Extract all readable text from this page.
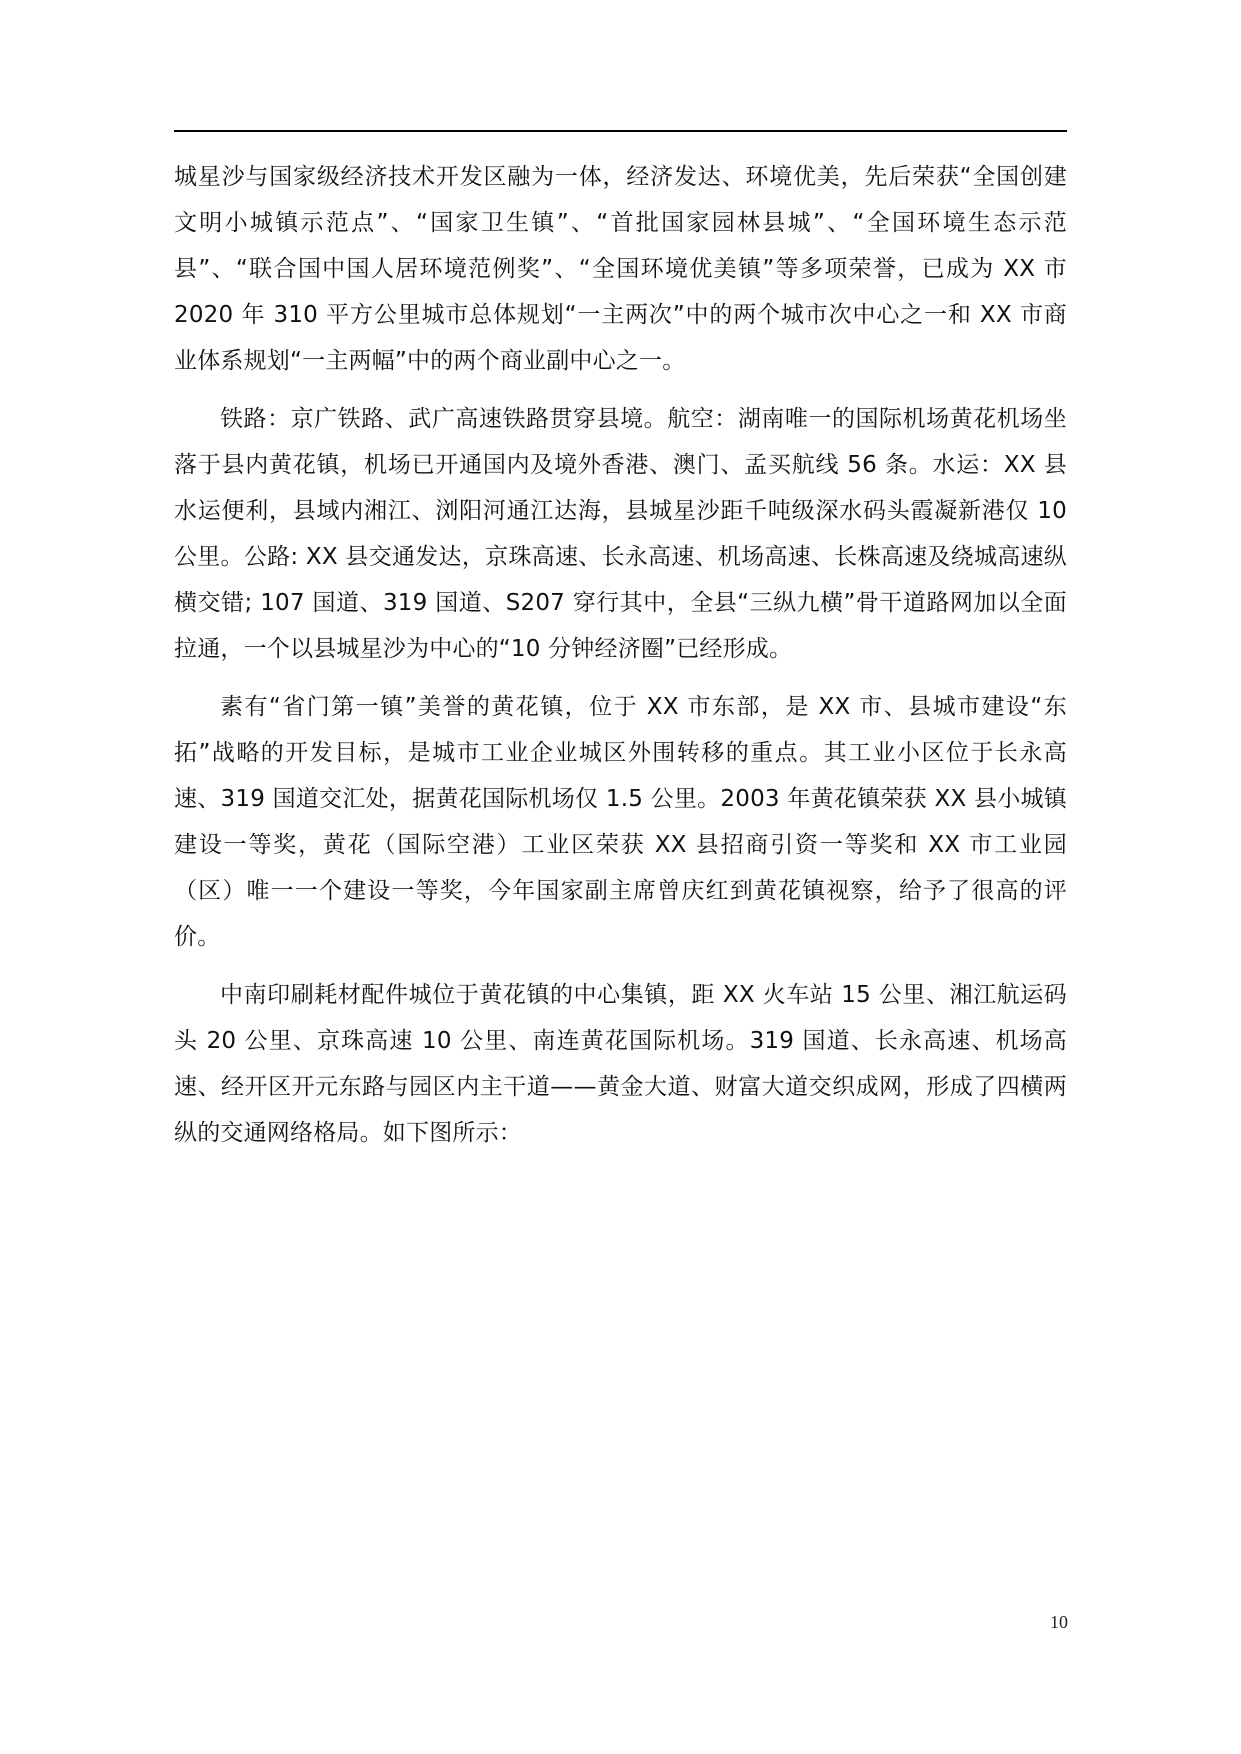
城星沙与国家级经济技术开发区融为一体，经济发达、环境优美，先后荣获“全国创建文明小城镇示范点”、“国家卫生镇”、“首批国家园林县城”、“全国环境生态示范县”、“联合国中国人居环境范例奖”、“全国环境优美镇”等多项荣誉，已成为 XX 市 2020 年 310 平方公里城市总体规划“一主两次”中的两个城市次中心之一和 XX 市商业体系规划“一主两幅”中的两个商业副中心之一。

铁路：京广铁路、武广高速铁路贯穿县境。航空：湖南唯一的国际机场黄花机场坐落于县内黄花镇，机场已开通国内及境外香港、澳门、孟买航线 56 条。水运：XX 县水运便利，县域内湘江、浏阳河通江达海，县城星沙距千吨级深水码头霞凝新港仅 10 公里。公路: XX 县交通发达，京珠高速、长永高速、机场高速、长株高速及绕城高速纵横交错; 107 国道、319 国道、S207 穿行其中，全县“三纵九横”骨干道路网加以全面拉通，一个以县城星沙为中心的“10 分钟经济圈”已经形成。

素有“省门第一镇”美誉的黄花镇，位于 XX 市东部，是 XX 市、县城市建设“东拓”战略的开发目标，是城市工业企业城区外围转移的重点。其工业小区位于长永高速、319 国道交汇处，据黄花国际机场仅 1.5 公里。2003 年黄花镇荣获 XX 县小城镇建设一等奖，黄花（国际空港）工业区荣获 XX 县招商引资一等奖和 XX 市工业园（区）唯一一个建设一等奖，今年国家副主席曾庆红到黄花镇视察，给予了很高的评价。

中南印刷耗材配件城位于黄花镇的中心集镇，距 XX 火车站 15 公里、湘江航运码头 20 公里、京珠高速 10 公里、南连黄花国际机场。319 国道、长永高速、机场高速、经开区开元东路与园区内主干道——黄金大道、财富大道交织成网，形成了四横两纵的交通网络格局。如下图所示：

10
